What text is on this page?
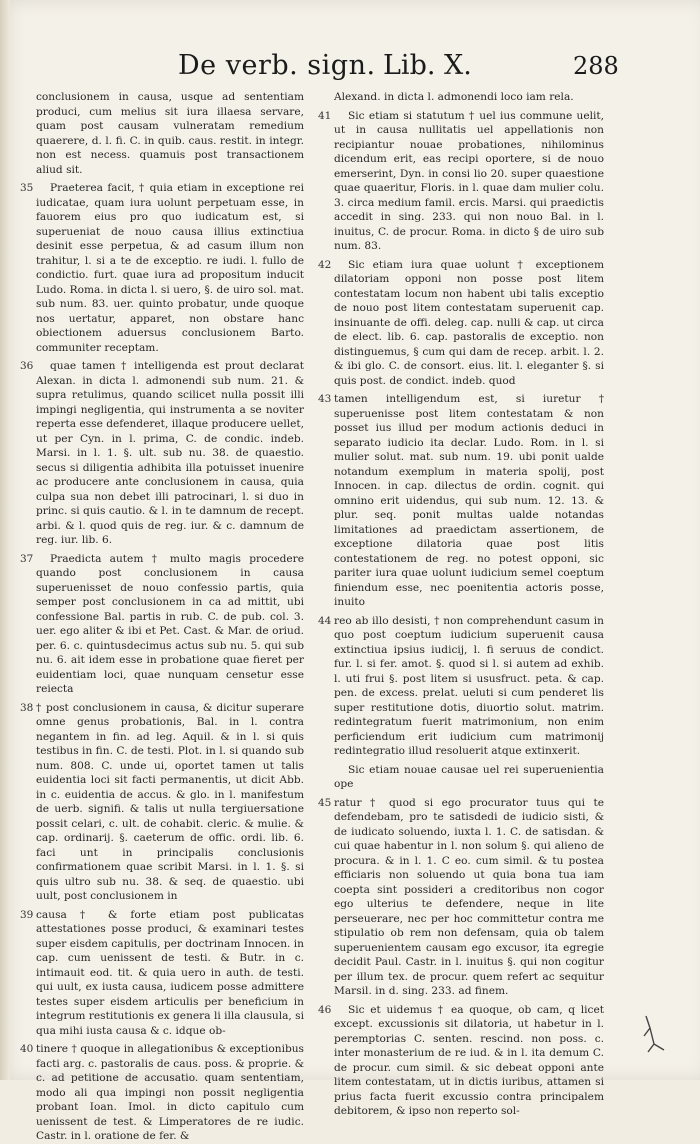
De verb. sign. Lib. X.	288

conclusionem in causa, usque ad sententiam produci, cum melius sit iura illaesa servare, quam post causam vulneratam remedium quaerere, d. l. fi. C. in quib. caus. restit. in integr. non est necess. quamuis post transactionem aliud sit.

35 Praeterea facit, † quia etiam in exceptione rei iudicatae, quam iura uolunt perpetuam esse, in fauorem eius pro quo iudicatum est, si superueniat de nouo causa illius extinctiua desinit esse perpetua, & ad casum illum non trahitur, l. si a te de exceptio. re iudi. l. fullo de condictio. furt. quae iura ad propositum inducit Ludo. Roma. in dicta l. si uero, §. de uiro sol. mat. sub num. 83. uer. quinto probatur, unde quoque nos uertatur, apparet, non obstare hanc obiectionem aduersus conclusionem Barto. communiter receptam.

36 quae tamen † intelligenda est prout declarat Alexan. in dicta l. admonendi sub num. 21. & supra retulimus, quando scilicet nulla possit illi impingi negligentia, qui instrumenta a se noviter reperta esse defenderet, illaque producere uellet, ut per Cyn. in l. prima, C. de condic. indeb. Marsi. in l. 1. §. ult. sub nu. 38. de quaestio. secus si diligentia adhibita illa potuisset inuenire ac producere ante conclusionem in causa, quia culpa sua non debet illi patrocinari, l. si duo in princ. si quis cautio. & l. in te damnum de recept. arbi. & l. quod quis de reg. iur. & c. damnum de reg. iur. lib. 6.

37 Praedicta autem † multo magis procedere quando post conclusionem in causa superuenisset de nouo confessio partis, quia semper post conclusionem in ca ad mittit, ubi confessione Bal. partis in rub. C. de pub. col. 3. uer. ego aliter & ibi et Pet. Cast. & Mar. de oriud. per. 6. c. quintusdecimus actus sub nu. 5. qui sub nu. 6. ait idem esse in probatione quae fieret per euidentiam loci, quae nunquam censetur esse reiecta

38 † post conclusionem in causa, & dicitur superare omne genus probationis, Bal. in l. contra negantem in fin. ad leg. Aquil. & in l. si quis testibus in fin. C. de testi. Plot. in l. si quando sub num. 808. C. unde ui, oportet tamen ut talis euidentia loci sit facti permanentis, ut dicit Abb. in c. euidentia de accus. & glo. in l. manifestum de uerb. signifi. & talis ut nulla tergiuersatione possit celari, c. ult. de cohabit. cleric. & mulie. & cap. ordinarij. §. caeterum de offic. ordi. lib. 6. faci unt in principalis conclusionis confirmationem quae scribit Marsi. in l. 1. §. si quis ultro sub nu. 38. & seq. de quaestio. ubi uult, post conclusionem in

39 causa † & forte etiam post publicatas attestationes posse produci, & examinari testes super eisdem capitulis, per doctrinam Innocen. in cap. cum uenissent de testi. & Butr. in c. intimauit eod. tit. & quia uero in auth. de testi. qui uult, ex iusta causa, iudicem posse admittere testes super eisdem articulis per beneficium in integrum restitutionis ex genera li illa clausula, si qua mihi iusta causa & c. idque ob-

40 tinere † quoque in allegationibus & exceptionibus facti arg. c. pastoralis de caus. poss. & proprie. & c. ad petitione de accusatio. quam sententiam, modo ali qua impingi non possit negligentia probant Ioan. Imol. in dicto capitulo cum uenissent de test. & Limperatores de re iudic. Castr. in l. oratione de fer. &

Alexand. in dicta l. admonendi loco iam rela.

41 Sic etiam si statutum † uel ius commune uelit, ut in causa nullitatis uel appellationis non recipiantur nouae probationes, nihilominus dicendum erit, eas recipi oportere, si de nouo emerserint, Dyn. in consi lio 20. super quaestione quae quaeritur, Floris. in l. quae dam mulier colu. 3. circa medium famil. ercis. Marsi. qui praedictis accedit in sing. 233. qui non nouo Bal. in l. inuitus, C. de procur. Roma. in dicto § de uiro sub num. 83.

42 Sic etiam iura quae uolunt † exceptionem dilatoriam opponi non posse post litem contestatam locum non habent ubi talis exceptio de nouo post litem contestatam superuenit cap. insinuante de offi. deleg. cap. nulli & cap. ut circa de elect. lib. 6. cap. pastoralis de exceptio. non distinguemus, § cum qui dam de recep. arbit. l. 2. & ibi glo. C. de consort. eius. lit. l. eleganter §. si quis post. de condict. indeb. quod

43 tamen intelligendum est, si iuretur † superuenisse post litem contestatam & non posset ius illud per modum actionis deduci in separato iudicio ita declar. Ludo. Rom. in l. si mulier solut. mat. sub num. 19. ubi ponit ualde notandum exemplum in materia spolij, post Innocen. in cap. dilectus de ordin. cognit. qui omnino erit uidendus, qui sub num. 12. 13. & plur. seq. ponit multas ualde notandas limitationes ad praedictam assertionem, de exceptione dilatoria quae post litis contestationem de reg. no potest opponi, sic pariter iura quae uolunt iudicium semel coeptum finiendum esse, nec poenitentia actoris posse, inuito

44 reo ab illo desisti, † non comprehendunt casum in quo post coeptum iudicium superuenit causa extinctiua ipsius iudicij, l. fi seruus de condict. fur. l. si fer. amot. §. quod si l. si autem ad exhib. l. uti frui §. post litem si ususfruct. peta. & cap. pen. de excess. prelat. ueluti si cum penderet lis super restitutione dotis, diuortio solut. matrim. redintegratum fuerit matrimonium, non enim perficiendum erit iudicium cum matrimonij redintegratio illud resoluerit atque extinxerit.

Sic etiam nouae causae uel rei superuenientia ope

45 ratur † quod si ego procurator tuus qui te defendebam, pro te satisdedi de iudicio sisti, & de iudicato soluendo, iuxta l. 1. C. de satisdan. & cui quae habentur in l. non solum §. qui alieno de procura. & in l. 1. C eo. cum simil. & tu postea efficiaris non soluendo ut quia bona tua iam coepta sint possideri a creditoribus non cogor ego ulterius te defendere, neque in lite perseuerare, nec per hoc committetur contra me stipulatio ob rem non defensam, quia ob talem superuenientem causam ego excusor, ita egregie decidit Paul. Castr. in l. inuitus §. qui non cogitur per illum tex. de procur. quem refert ac sequitur Marsil. in d. sing. 233. ad finem.

46 Sic et uidemus † ea quoque, ob cam, q licet except. excussionis sit dilatoria, ut habetur in l. peremptorias C. senten. rescind. non poss. c. inter monasterium de re iud. & in l. ita demum C. de procur. cum simil. & sic debeat opponi ante litem contestatam, ut in dictis iuribus, attamen si prius facta fuerit excussio contra principalem debitorem, & ipso non reperto sol-
